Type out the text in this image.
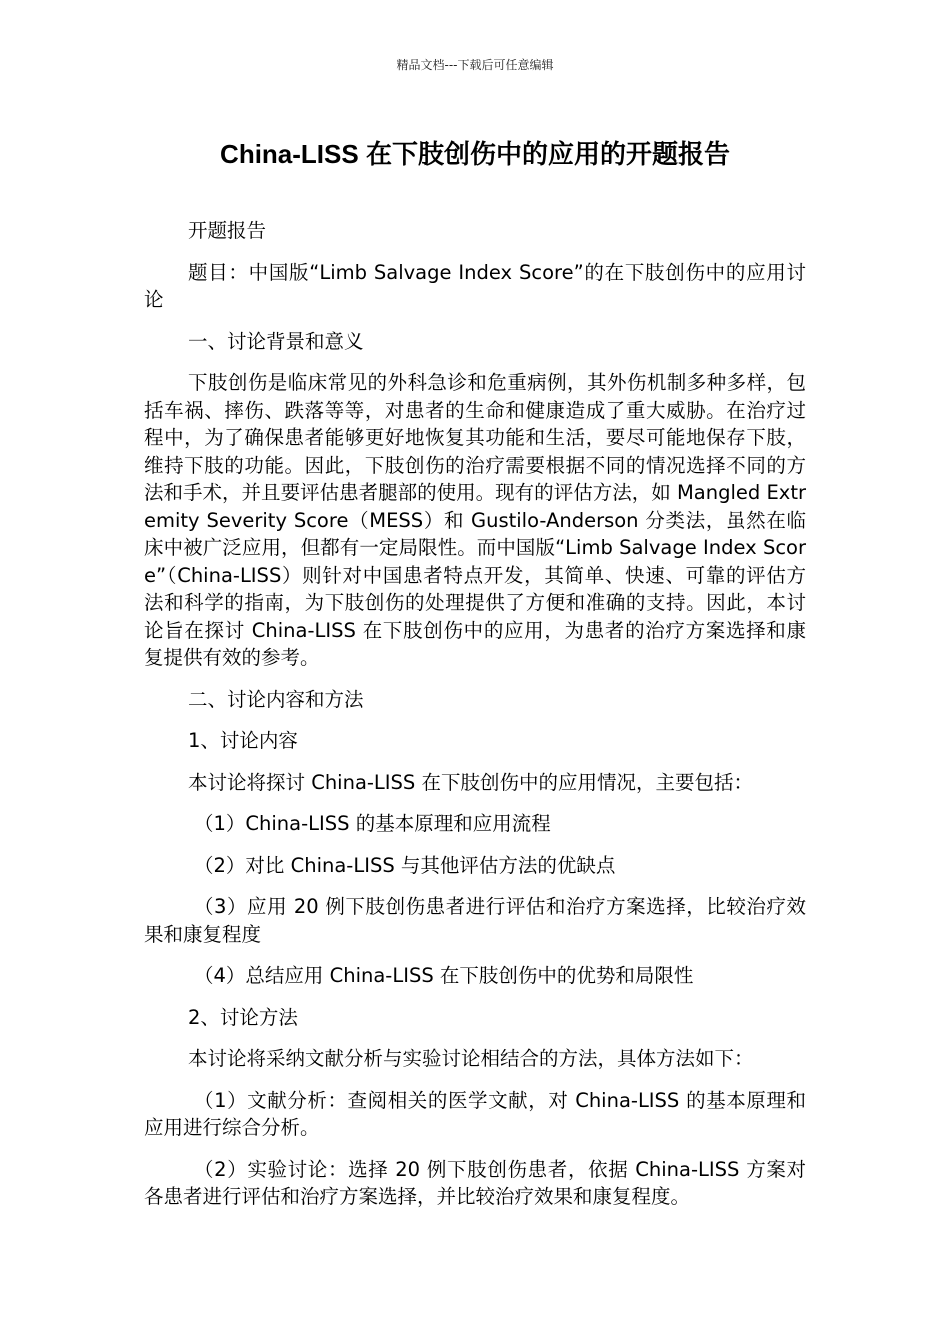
精品文档---下载后可任意编辑
China-LISS 在下肢创伤中的应用的开题报告

开题报告

题目：中国版“Limb Salvage Index Score”的在下肢创伤中的应用讨论

一、讨论背景和意义

下肢创伤是临床常见的外科急诊和危重病例，其外伤机制多种多样，包括车祸、摔伤、跌落等等，对患者的生命和健康造成了重大威胁。在治疗过程中，为了确保患者能够更好地恢复其功能和生活，要尽可能地保存下肢，维持下肢的功能。因此，下肢创伤的治疗需要根据不同的情况选择不同的方法和手术，并且要评估患者腿部的使用。现有的评估方法，如 Mangled Extremity Severity Score（MESS）和 Gustilo-Anderson 分类法，虽然在临床中被广泛应用，但都有一定局限性。而中国版“Limb Salvage Index Score”（China-LISS）则针对中国患者特点开发，其简单、快速、可靠的评估方法和科学的指南，为下肢创伤的处理提供了方便和准确的支持。因此，本讨论旨在探讨 China-LISS 在下肢创伤中的应用，为患者的治疗方案选择和康复提供有效的参考。

二、讨论内容和方法

1、讨论内容

本讨论将探讨 China-LISS 在下肢创伤中的应用情况，主要包括：

（1）China-LISS 的基本原理和应用流程

（2）对比 China-LISS 与其他评估方法的优缺点

（3）应用 20 例下肢创伤患者进行评估和治疗方案选择，比较治疗效果和康复程度

（4）总结应用 China-LISS 在下肢创伤中的优势和局限性

2、讨论方法

本讨论将采纳文献分析与实验讨论相结合的方法，具体方法如下：

（1）文献分析：查阅相关的医学文献，对 China-LISS 的基本原理和应用进行综合分析。

（2）实验讨论：选择 20 例下肢创伤患者，依据 China-LISS 方案对各患者进行评估和治疗方案选择，并比较治疗效果和康复程度。
